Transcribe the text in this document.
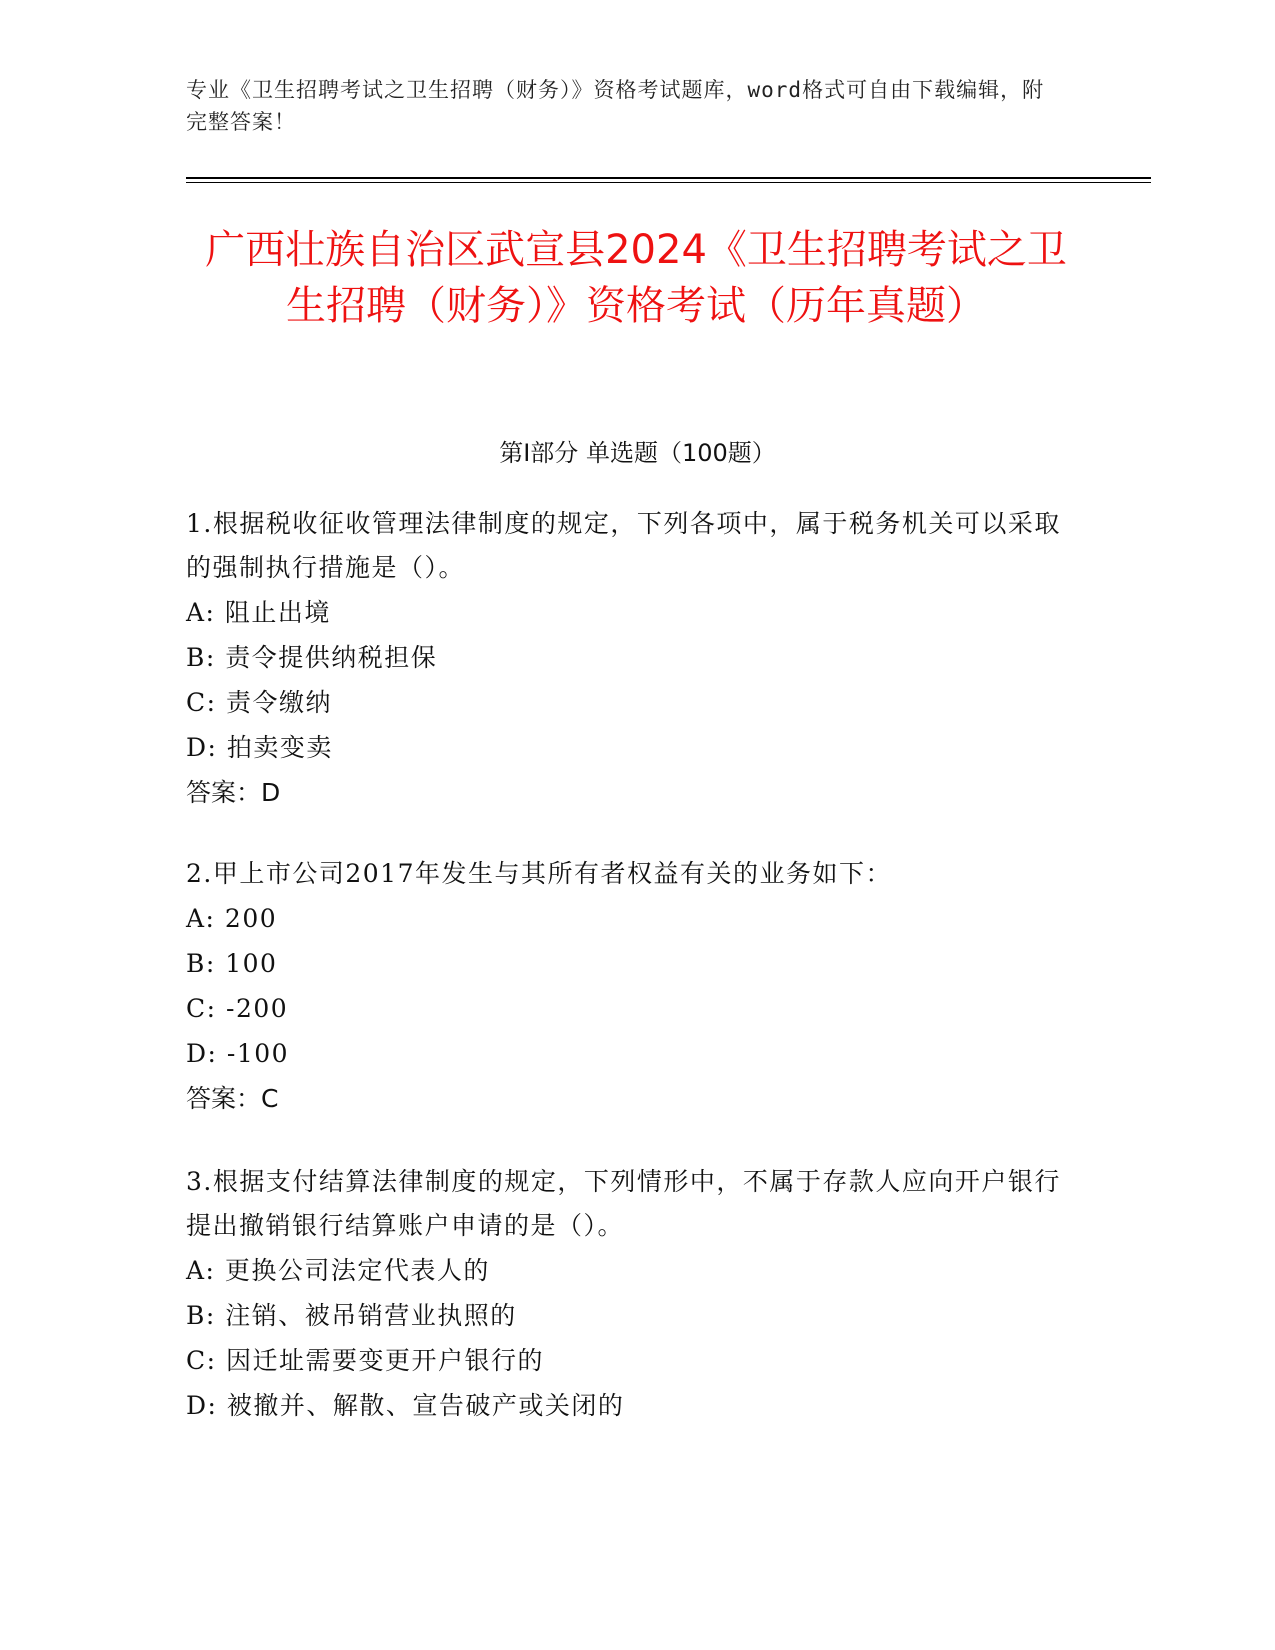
专业《卫生招聘考试之卫生招聘（财务）》资格考试题库，word格式可自由下载编辑，附完整答案！
广西壮族自治区武宣县2024《卫生招聘考试之卫生招聘（财务）》资格考试（历年真题）
第Ⅰ部分 单选题（100题）

1.根据税收征收管理法律制度的规定，下列各项中，属于税务机关可以采取的强制执行措施是（）。

A: 阻止出境

B: 责令提供纳税担保

C: 责令缴纳

D: 拍卖变卖

答案：D

2.甲上市公司2017年发生与其所有者权益有关的业务如下：

A: 200

B: 100

C: -200

D: -100

答案：C

3.根据支付结算法律制度的规定，下列情形中，不属于存款人应向开户银行提出撤销银行结算账户申请的是（）。

A: 更换公司法定代表人的

B: 注销、被吊销营业执照的

C: 因迁址需要变更开户银行的

D: 被撤并、解散、宣告破产或关闭的
